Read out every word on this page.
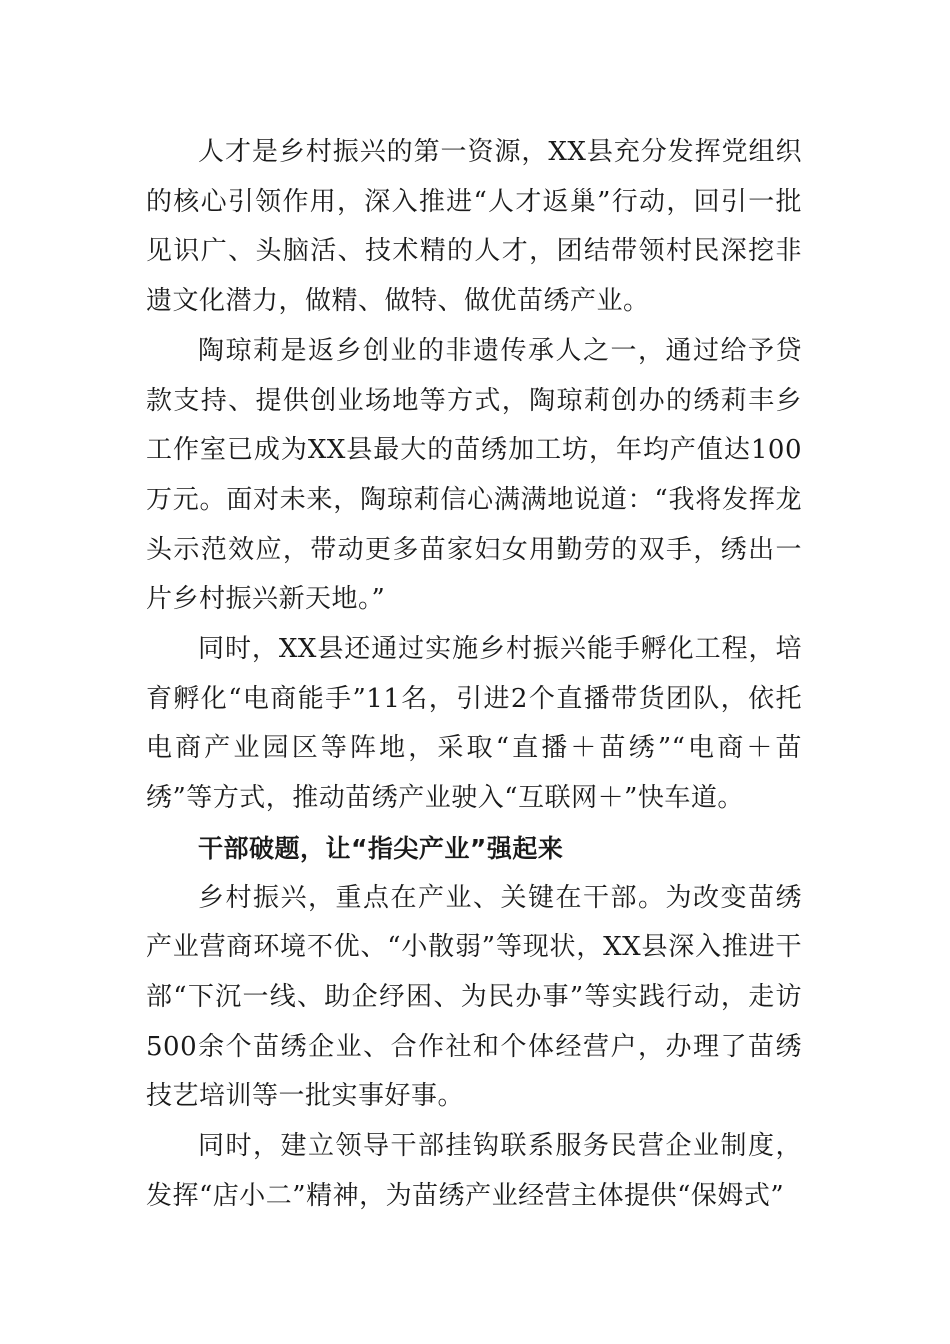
人才是乡村振兴的第一资源，XX县充分发挥党组织的核心引领作用，深入推进“人才返巢”行动，回引一批见识广、头脑活、技术精的人才，团结带领村民深挖非遗文化潜力，做精、做特、做优苗绣产业。

陶琼莉是返乡创业的非遗传承人之一，通过给予贷款支持、提供创业场地等方式，陶琼莉创办的绣莉丰乡工作室已成为XX县最大的苗绣加工坊，年均产值达100万元。面对未来，陶琼莉信心满满地说道：“我将发挥龙头示范效应，带动更多苗家妇女用勤劳的双手，绣出一片乡村振兴新天地。”

同时，XX县还通过实施乡村振兴能手孵化工程，培育孵化“电商能手”11名，引进2个直播带货团队，依托电商产业园区等阵地，采取“直播＋苗绣”“电商＋苗绣”等方式，推动苗绣产业驶入“互联网＋”快车道。

干部破题，让“指尖产业”强起来

乡村振兴，重点在产业、关键在干部。为改变苗绣产业营商环境不优、“小散弱”等现状，XX县深入推进干部“下沉一线、助企纾困、为民办事”等实践行动，走访500余个苗绣企业、合作社和个体经营户，办理了苗绣技艺培训等一批实事好事。

同时，建立领导干部挂钩联系服务民营企业制度，发挥“店小二”精神，为苗绣产业经营主体提供“保姆式”
